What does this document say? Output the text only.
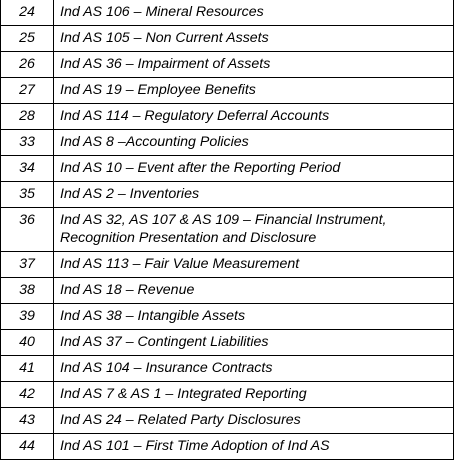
24	Ind AS 106 – Mineral Resources
25	Ind AS 105 – Non Current Assets
26	Ind AS 36 – Impairment of Assets
27	Ind AS 19 – Employee Benefits
28	Ind AS 114 – Regulatory Deferral Accounts
33	Ind AS 8 –Accounting Policies
34	Ind AS 10 – Event after the Reporting Period
35	Ind AS 2 – Inventories
36	Ind AS 32, AS 107 & AS 109 – Financial Instrument, Recognition Presentation and Disclosure
37	Ind AS 113 – Fair Value Measurement
38	Ind AS 18 – Revenue
39	Ind AS 38 – Intangible Assets
40	Ind AS 37 – Contingent Liabilities
41	Ind AS 104 – Insurance Contracts
42	Ind AS 7 & AS 1 – Integrated Reporting
43	Ind AS 24 – Related Party Disclosures
44	Ind AS 101 – First Time Adoption of Ind AS
